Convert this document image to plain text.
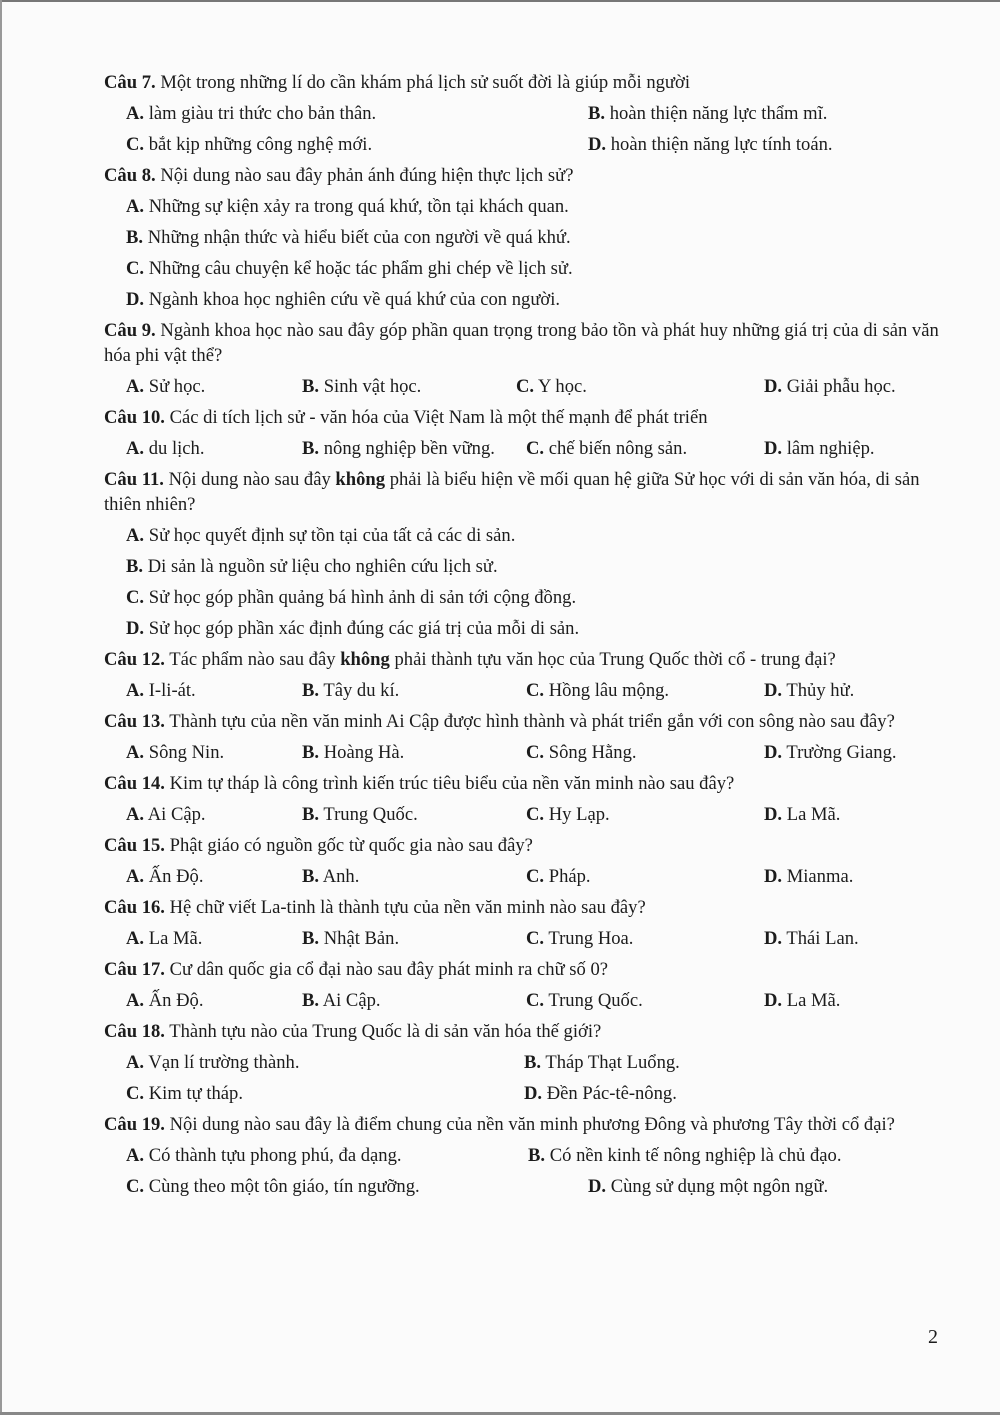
Câu 7. Một trong những lí do cần khám phá lịch sử suốt đời là giúp mỗi người
A. làm giàu tri thức cho bản thân.	B. hoàn thiện năng lực thẩm mĩ.
C. bắt kịp những công nghệ mới.	D. hoàn thiện năng lực tính toán.
Câu 8. Nội dung nào sau đây phản ánh đúng hiện thực lịch sử?
A. Những sự kiện xảy ra trong quá khứ, tồn tại khách quan.
B. Những nhận thức và hiểu biết của con người về quá khứ.
C. Những câu chuyện kể hoặc tác phẩm ghi chép về lịch sử.
D. Ngành khoa học nghiên cứu về quá khứ của con người.
Câu 9. Ngành khoa học nào sau đây góp phần quan trọng trong bảo tồn và phát huy những giá trị của di sản văn hóa phi vật thể?
A. Sử học.	B. Sinh vật học.	C. Y học.	D. Giải phẫu học.
Câu 10. Các di tích lịch sử - văn hóa của Việt Nam là một thế mạnh để phát triển
A. du lịch.	B. nông nghiệp bền vững.	C. chế biến nông sản.	D. lâm nghiệp.
Câu 11. Nội dung nào sau đây không phải là biểu hiện về mối quan hệ giữa Sử học với di sản văn hóa, di sản thiên nhiên?
A. Sử học quyết định sự tồn tại của tất cả các di sản.
B. Di sản là nguồn sử liệu cho nghiên cứu lịch sử.
C. Sử học góp phần quảng bá hình ảnh di sản tới cộng đồng.
D. Sử học góp phần xác định đúng các giá trị của mỗi di sản.
Câu 12. Tác phẩm nào sau đây không phải thành tựu văn học của Trung Quốc thời cổ - trung đại?
A. I-li-át.	B. Tây du kí.	C. Hồng lâu mộng.	D. Thủy hử.
Câu 13. Thành tựu của nền văn minh Ai Cập được hình thành và phát triển gắn với con sông nào sau đây?
A. Sông Nin.	B. Hoàng Hà.	C. Sông Hằng.	D. Trường Giang.
Câu 14. Kim tự tháp là công trình kiến trúc tiêu biểu của nền văn minh nào sau đây?
A. Ai Cập.	B. Trung Quốc.	C. Hy Lạp.	D. La Mã.
Câu 15. Phật giáo có nguồn gốc từ quốc gia nào sau đây?
A. Ấn Độ.	B. Anh.	C. Pháp.	D. Mianma.
Câu 16. Hệ chữ viết La-tinh là thành tựu của nền văn minh nào sau đây?
A. La Mã.	B. Nhật Bản.	C. Trung Hoa.	D. Thái Lan.
Câu 17. Cư dân quốc gia cổ đại nào sau đây phát minh ra chữ số 0?
A. Ấn Độ.	B. Ai Cập.	C. Trung Quốc.	D. La Mã.
Câu 18. Thành tựu nào của Trung Quốc là di sản văn hóa thế giới?
A. Vạn lí trường thành.	B. Tháp Thạt Luổng.
C. Kim tự tháp.	D. Đền Pác-tê-nông.
Câu 19. Nội dung nào sau đây là điểm chung của nền văn minh phương Đông và phương Tây thời cổ đại?
A. Có thành tựu phong phú, đa dạng.	B. Có nền kinh tế nông nghiệp là chủ đạo.
C. Cùng theo một tôn giáo, tín ngưỡng.	D. Cùng sử dụng một ngôn ngữ.
2
